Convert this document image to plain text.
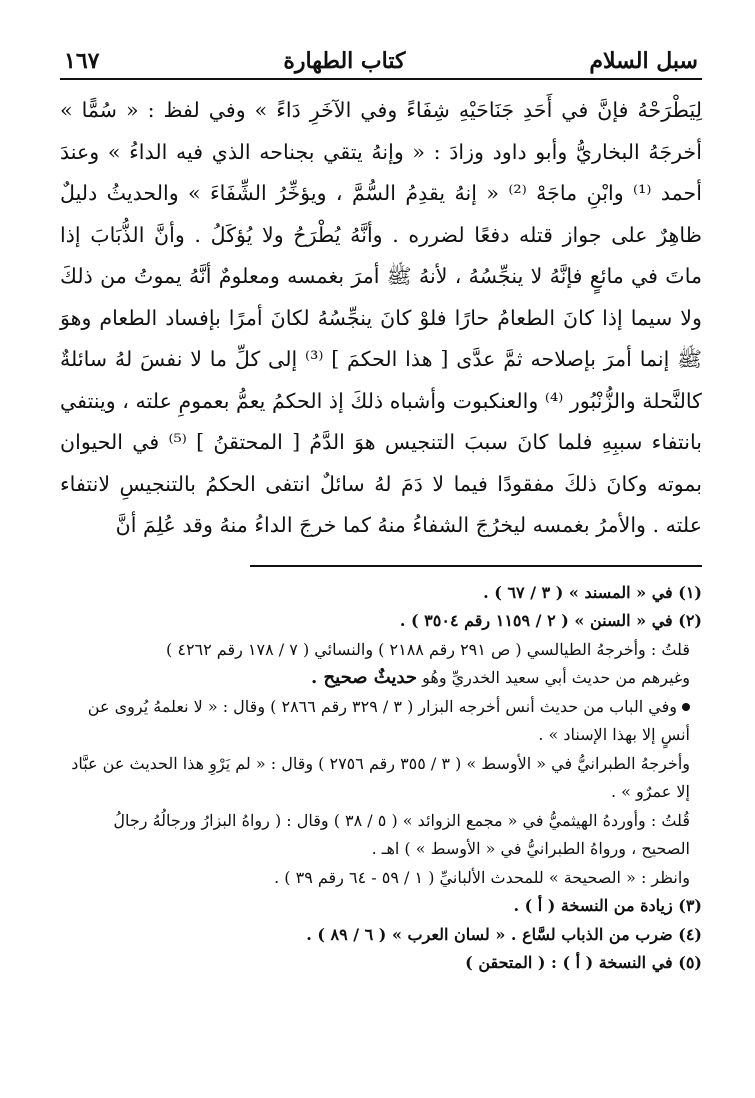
سبل السلام
كتاب الطهارة
١٦٧

لِيَطْرَحْهُ فإنَّ في أَحَدِ جَنَاحَيْهِ شِفَاءً وفي الآخَرِ دَاءً » وفي لفظ : « سُمًّا » أخرجَهُ البخاريُّ وأبو داود وزادَ : « وإنهُ يتقي بجناحه الذي فيه الداءُ » وعندَ أحمد ⁽¹⁾ وابْنِ ماجَهْ ⁽²⁾ « إنهُ يقدِمُ السُّمَّ ، ويؤخِّرُ الشِّفَاءَ » والحديثُ دليلٌ ظاهِرٌ على جواز قتله دفعًا لضرره . وأنَّهُ يُطْرَحُ ولا يُؤكَلُ . وأنَّ الذُّبَابَ إذا ماتَ في مائعٍ فإنَّهُ لا ينجِّسُهُ ، لأنهُ ﷺ أمرَ بغمسه ومعلومٌ أنَّهُ يموتُ من ذلكَ ولا سيما إذا كانَ الطعامُ حارًا فلوْ كانَ ينجِّسُهُ لكانَ أمرًا بإفساد الطعام وهوَ ﷺ إنما أمرَ بإصلاحه ثمَّ عدَّى [ هذا الحكمَ ] ⁽³⁾ إلى كلِّ ما لا نفسَ لهُ سائلةٌ كالنَّحلة والزُّنْبُور ⁽⁴⁾ والعنكبوت وأشباه ذلكَ إذ الحكمُ يعمُّ بعمومِ علته ، وينتفي بانتفاء سببِهِ فلما كانَ سببَ التنجيس هوَ الدَّمُ [ المحتقنُ ] ⁽⁵⁾ في الحيوان بموته وكانَ ذلكَ مفقودًا فيما لا دَمَ لهُ سائلٌ انتفى الحكمُ بالتنجيسِ لانتفاء علته . والأمرُ بغمسه ليخرُجَ الشفاءُ منهُ كما خرجَ الداءُ منهُ وقد عُلِمَ أنَّ

(١) في « المسند » ( ٣ / ٦٧ ) .

(٢) في « السنن » ( ٢ / ١١٥٩ رقم ٣٥٠٤ ) .

قلتُ : وأخرجهُ الطيالسي ( ص ٢٩١ رقم ٢١٨٨ ) والنسائي ( ٧ / ١٧٨ رقم ٤٢٦٢ )

وغيرهم من حديث أبي سعيد الخدريِّ وهُو حديثٌ صحيح .

وفي الباب من حديث أنس أخرجه البزار ( ٣ / ٣٢٩ رقم ٢٨٦٦ ) وقال : « لا نعلمهُ يُروى عن أنسٍ إلا بهذا الإسناد » .

وأخرجهُ الطبرانيُّ في « الأوسط » ( ٣ / ٣٥٥ رقم ٢٧٥٦ ) وقال : « لم يَرْوِ هذا الحديث عن عبَّاد إلا عمرٌو » .

قُلتُ : وأوردهُ الهيثميُّ في « مجمع الزوائد » ( ٥ / ٣٨ ) وقال : ( رواهُ البزارُ ورجالُهُ رجالُ الصحيح ، ورواهُ الطبرانيُّ في « الأوسط » ) اهـ .

وانظر : « الصحيحة » للمحدث الألبانيِّ ( ١ / ٥٩ - ٦٤ رقم ٣٩ ) .

(٣) زيادة من النسخة ( أ ) .

(٤) ضرب من الذباب لسَّاع . « لسان العرب » ( ٦ / ٨٩ ) .

(٥) في النسخة ( أ ) : ( المتحقن )
